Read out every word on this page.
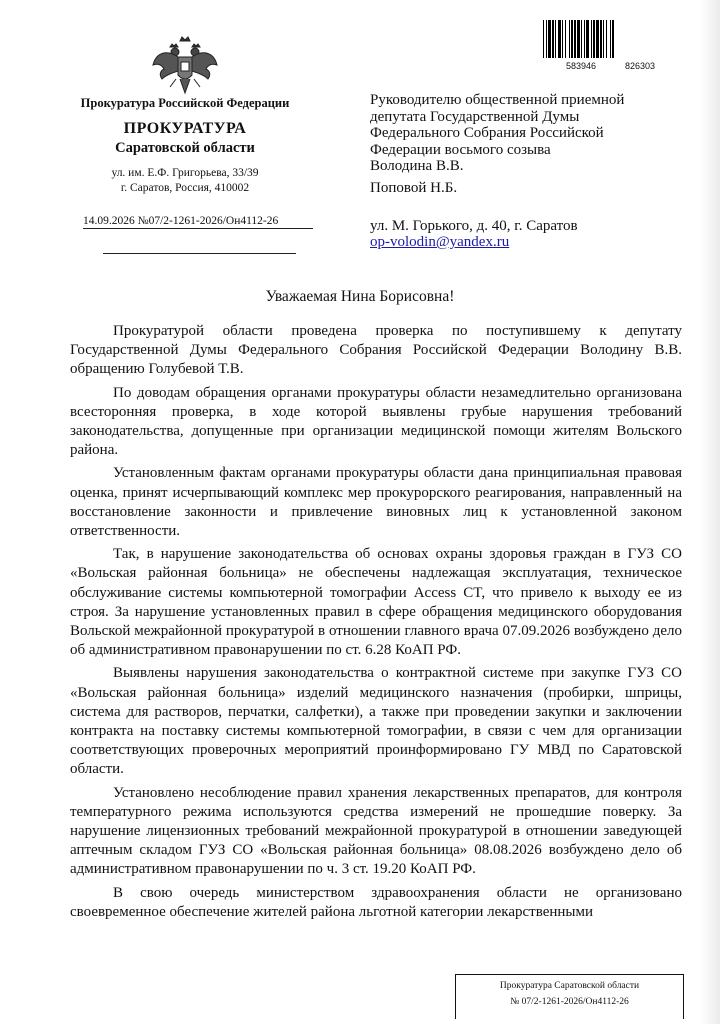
Прокуратура Российской Федерации
ПРОКУРАТУРА
Саратовской области
ул. им. Е.Ф. Григорьева, 33/39
г. Саратов, Россия, 410002
14.09.2026 №07/2-1261-2026/Он4112-26
583946	826303
Руководителю общественной приемной
депутата Государственной Думы
Федерального Собрания Российской
Федерации восьмого созыва
Володина В.В.
Поповой Н.Б.
ул. М. Горького, д. 40, г. Саратов
op-volodin@yandex.ru
Уважаемая Нина Борисовна!

Прокуратурой области проведена проверка по поступившему к депутату Государственной Думы Федерального Собрания Российской Федерации Володину В.В. обращению Голубевой Т.В.

По доводам обращения органами прокуратуры области незамедлительно организована всесторонняя проверка, в ходе которой выявлены грубые нарушения требований законодательства, допущенные при организации медицинской помощи жителям Вольского района.

Установленным фактам органами прокуратуры области дана принципиальная правовая оценка, принят исчерпывающий комплекс мер прокурорского реагирования, направленный на восстановление законности и привлечение виновных лиц к установленной законом ответственности.

Так, в нарушение законодательства об основах охраны здоровья граждан в ГУЗ СО «Вольская районная больница» не обеспечены надлежащая эксплуатация, техническое обслуживание системы компьютерной томографии Access CT, что привело к выходу ее из строя. За нарушение установленных правил в сфере обращения медицинского оборудования Вольской межрайонной прокуратурой в отношении главного врача 07.09.2026 возбуждено дело об административном правонарушении по ст. 6.28 КоАП РФ.

Выявлены нарушения законодательства о контрактной системе при закупке ГУЗ СО «Вольская районная больница» изделий медицинского назначения (пробирки, шприцы, система для растворов, перчатки, салфетки), а также при проведении закупки и заключении контракта на поставку системы компьютерной томографии, в связи с чем для организации соответствующих проверочных мероприятий проинформировано ГУ МВД по Саратовской области.

Установлено несоблюдение правил хранения лекарственных препаратов, для контроля температурного режима используются средства измерений не прошедшие поверку. За нарушение лицензионных требований межрайонной прокуратурой в отношении заведующей аптечным складом ГУЗ СО «Вольская районная больница» 08.08.2026 возбуждено дело об административном правонарушении по ч. 3 ст. 19.20 КоАП РФ.

В свою очередь министерством здравоохранения области не организовано своевременное обеспечение жителей района льготной категории лекарственными

Прокуратура Саратовской области
№ 07/2-1261-2026/Он4112-26
